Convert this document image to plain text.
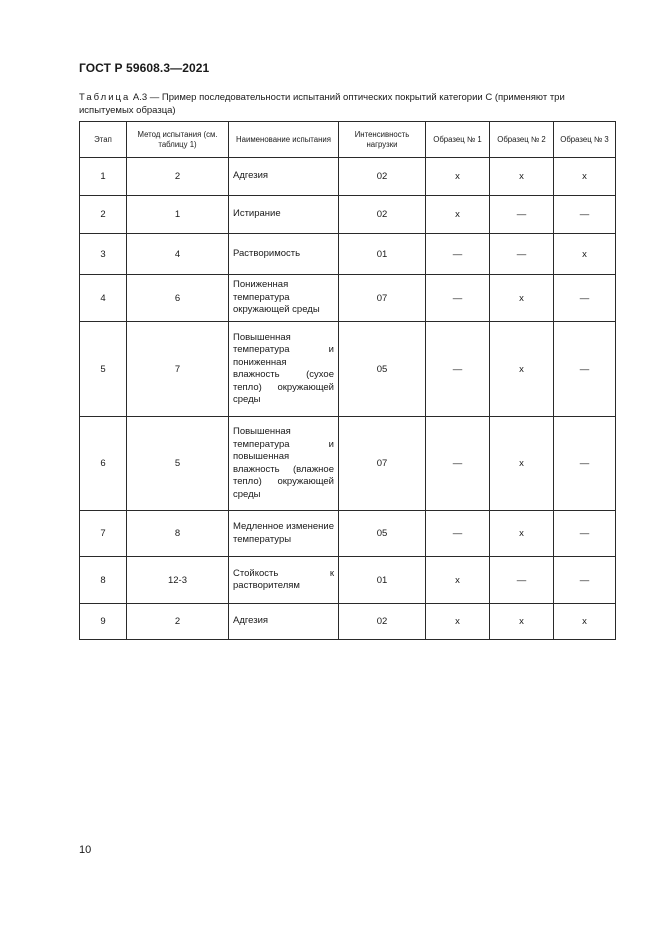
ГОСТ Р 59608.3—2021
Таблица А.3 — Пример последовательности испытаний оптических покрытий категории С (применяют три испытуемых образца)
Этап	Метод испытания (см. таблицу 1)	Наименование испытания	Интенсивность нагрузки	Образец № 1	Образец № 2	Образец № 3
1	2	Адгезия	02	x	x	x
2	1	Истирание	02	x	—	—
3	4	Растворимость	01	—	—	x
4	6	Пониженная температура окружающей среды	07	—	x	—
5	7	Повышенная температура и пониженная влажность (сухое тепло) окружающей среды	05	—	x	—
6	5	Повышенная температура и повышенная влажность (влажное тепло) окружающей среды	07	—	x	—
7	8	Медленное изменение температуры	05	—	x	—
8	12-3	Стойкость к растворителям	01	x	—	—
9	2	Адгезия	02	x	x	x
10
